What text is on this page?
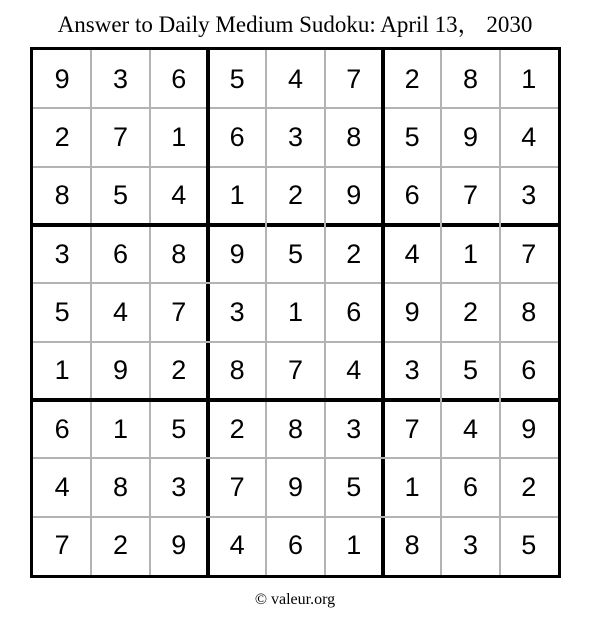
Answer to Daily Medium Sudoku: April 13， 2030
9	3	6	5	4	7	2	8	1
2	7	1	6	3	8	5	9	4
8	5	4	1	2	9	6	7	3
3	6	8	9	5	2	4	1	7
5	4	7	3	1	6	9	2	8
1	9	2	8	7	4	3	5	6
6	1	5	2	8	3	7	4	9
4	8	3	7	9	5	1	6	2
7	2	9	4	6	1	8	3	5
© valeur.org
